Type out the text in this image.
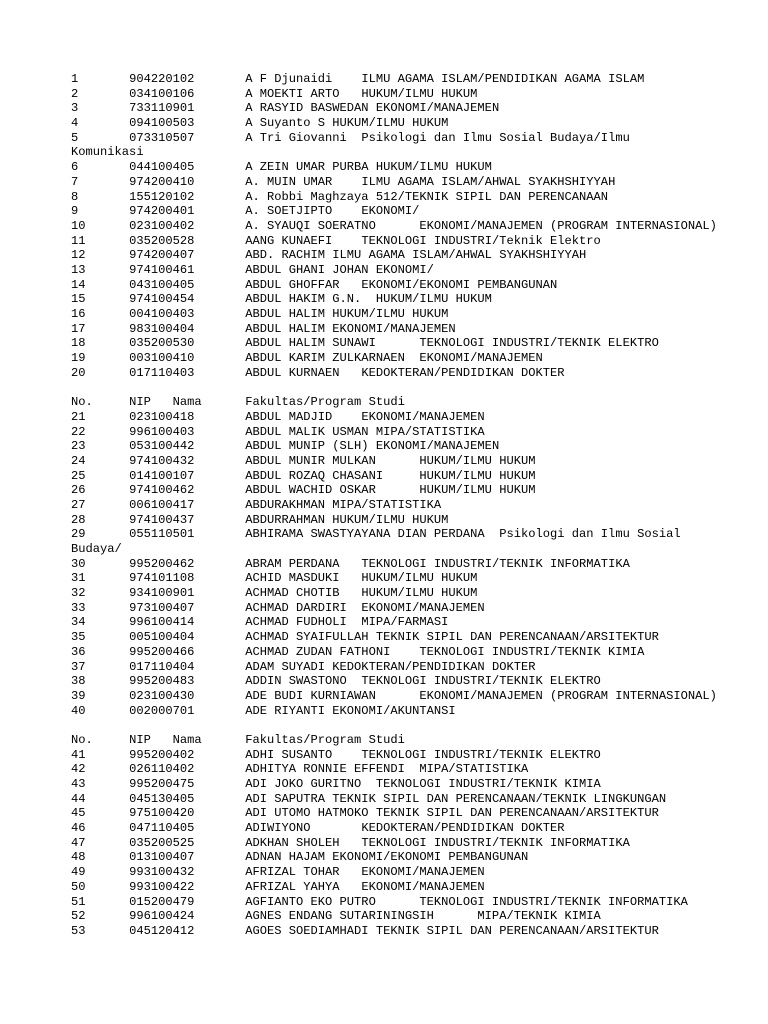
1	904220102	A F Djunaidi	ILMU AGAMA ISLAM/PENDIDIKAN AGAMA ISLAM
2	034100106	A MOEKTI ARTO	HUKUM/ILMU HUKUM
3	733110901	A RASYID BASWEDAN EKONOMI/MANAJEMEN
4	094100503	A Suyanto S HUKUM/ILMU HUKUM
5	073310507	A Tri Giovanni	Psikologi dan Ilmu Sosial Budaya/Ilmu
Komunikasi
6	044100405	A ZEIN UMAR PURBA HUKUM/ILMU HUKUM
7	974200410	A. MUIN UMAR	ILMU AGAMA ISLAM/AHWAL SYAKHSHIYYAH
8	155120102	A. Robbi Maghzaya 512/TEKNIK SIPIL DAN PERENCANAAN
9	974200401	A. SOETJIPTO	EKONOMI/
10	023100402	A. SYAUQI SOERATNO	EKONOMI/MANAJEMEN (PROGRAM INTERNASIONAL)
11	035200528	AANG KUNAEFI	TEKNOLOGI INDUSTRI/Teknik Elektro
12	974200407	ABD. RACHIM ILMU AGAMA ISLAM/AHWAL SYAKHSHIYYAH
13	974100461	ABDUL GHANI JOHAN EKONOMI/
14	043100405	ABDUL GHOFFAR	EKONOMI/EKONOMI PEMBANGUNAN
15	974100454	ABDUL HAKIM G.N.  HUKUM/ILMU HUKUM
16	004100403	ABDUL HALIM HUKUM/ILMU HUKUM
17	983100404	ABDUL HALIM EKONOMI/MANAJEMEN
18	035200530	ABDUL HALIM SUNAWI	TEKNOLOGI INDUSTRI/TEKNIK ELEKTRO
19	003100410	ABDUL KARIM ZULKARNAEN  EKONOMI/MANAJEMEN
20	017110403	ABDUL KURNAEN	KEDOKTERAN/PENDIDIKAN DOKTER
No.	NIP   Nama	Fakultas/Program Studi
21	023100418	ABDUL MADJID	EKONOMI/MANAJEMEN
22	996100403	ABDUL MALIK USMAN MIPA/STATISTIKA
23	053100442	ABDUL MUNIP (SLH) EKONOMI/MANAJEMEN
24	974100432	ABDUL MUNIR MULKAN	HUKUM/ILMU HUKUM
25	014100107	ABDUL ROZAQ CHASANI	HUKUM/ILMU HUKUM
26	974100462	ABDUL WACHID OSKAR	HUKUM/ILMU HUKUM
27	006100417	ABDURAKHMAN MIPA/STATISTIKA
28	974100437	ABDURRAHMAN HUKUM/ILMU HUKUM
29	055110501	ABHIRAMA SWASTYAYANA DIAN PERDANA  Psikologi dan Ilmu Sosial
Budaya/
30	995200462	ABRAM PERDANA	TEKNOLOGI INDUSTRI/TEKNIK INFORMATIKA
31	974101108	ACHID MASDUKI	HUKUM/ILMU HUKUM
32	934100901	ACHMAD CHOTIB	HUKUM/ILMU HUKUM
33	973100407	ACHMAD DARDIRI	EKONOMI/MANAJEMEN
34	996100414	ACHMAD FUDHOLI	MIPA/FARMASI
35	005100404	ACHMAD SYAIFULLAH TEKNIK SIPIL DAN PERENCANAAN/ARSITEKTUR
36	995200466	ACHMAD ZUDAN FATHONI	TEKNOLOGI INDUSTRI/TEKNIK KIMIA
37	017110404	ADAM SUYADI KEDOKTERAN/PENDIDIKAN DOKTER
38	995200483	ADDIN SWASTONO	TEKNOLOGI INDUSTRI/TEKNIK ELEKTRO
39	023100430	ADE BUDI KURNIAWAN	EKONOMI/MANAJEMEN (PROGRAM INTERNASIONAL)
40	002000701	ADE RIYANTI EKONOMI/AKUNTANSI
No.	NIP   Nama	Fakultas/Program Studi
41	995200402	ADHI SUSANTO	TEKNOLOGI INDUSTRI/TEKNIK ELEKTRO
42	026110402	ADHITYA RONNIE EFFENDI  MIPA/STATISTIKA
43	995200475	ADI JOKO GURITNO  TEKNOLOGI INDUSTRI/TEKNIK KIMIA
44	045130405	ADI SAPUTRA TEKNIK SIPIL DAN PERENCANAAN/TEKNIK LINGKUNGAN
45	975100420	ADI UTOMO HATMOKO TEKNIK SIPIL DAN PERENCANAAN/ARSITEKTUR
46	047110405	ADIWIYONO	KEDOKTERAN/PENDIDIKAN DOKTER
47	035200525	ADKHAN SHOLEH	TEKNOLOGI INDUSTRI/TEKNIK INFORMATIKA
48	013100407	ADNAN HAJAM EKONOMI/EKONOMI PEMBANGUNAN
49	993100432	AFRIZAL TOHAR	EKONOMI/MANAJEMEN
50	993100422	AFRIZAL YAHYA	EKONOMI/MANAJEMEN
51	015200479	AGFIANTO EKO PUTRO	TEKNOLOGI INDUSTRI/TEKNIK INFORMATIKA
52	996100424	AGNES ENDANG SUTARININGSIH	MIPA/TEKNIK KIMIA
53	045120412	AGOES SOEDIAMHADI TEKNIK SIPIL DAN PERENCANAAN/ARSITEKTUR
